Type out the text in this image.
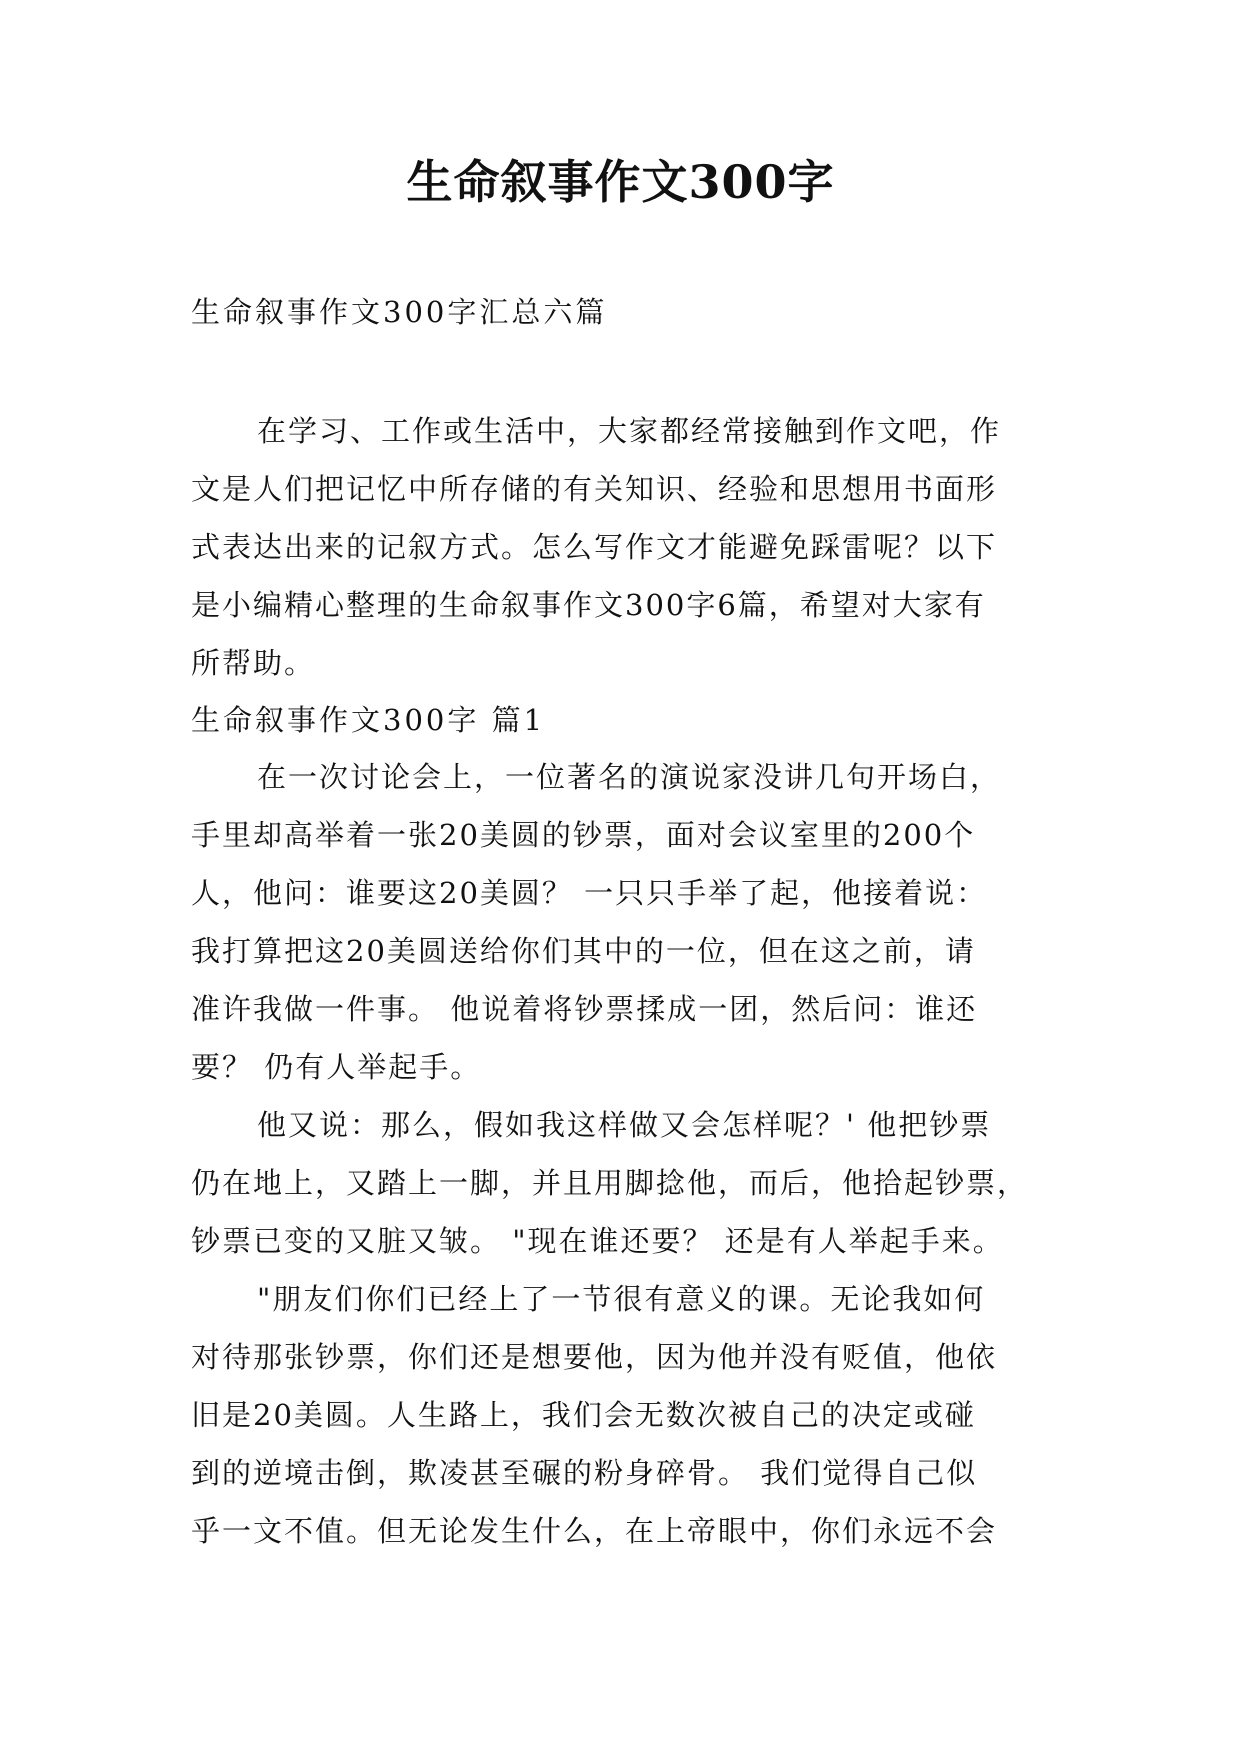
生命叙事作文300字
生命叙事作文300字汇总六篇
在学习、工作或生活中，大家都经常接触到作文吧，作
文是人们把记忆中所存储的有关知识、经验和思想用书面形
式表达出来的记叙方式。怎么写作文才能避免踩雷呢？以下
是小编精心整理的生命叙事作文300字6篇，希望对大家有
所帮助。
生命叙事作文300字 篇1
在一次讨论会上，一位著名的演说家没讲几句开场白，
手里却高举着一张20美圆的钞票，面对会议室里的200个
人，他问：谁要这20美圆？ 一只只手举了起，他接着说：
我打算把这20美圆送给你们其中的一位，但在这之前，请
准许我做一件事。 他说着将钞票揉成一团，然后问：谁还
要？ 仍有人举起手。
他又说：那么，假如我这样做又会怎样呢？' 他把钞票
仍在地上，又踏上一脚，并且用脚捻他，而后，他拾起钞票，
钞票已变的又脏又皱。 "现在谁还要？ 还是有人举起手来。
"朋友们你们已经上了一节很有意义的课。无论我如何
对待那张钞票，你们还是想要他，因为他并没有贬值，他依
旧是20美圆。人生路上，我们会无数次被自己的决定或碰
到的逆境击倒，欺凌甚至碾的粉身碎骨。 我们觉得自己似
乎一文不值。但无论发生什么，在上帝眼中，你们永远不会
